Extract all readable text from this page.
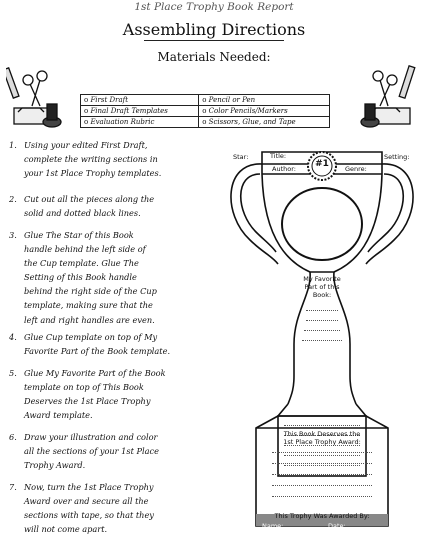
1st Place Trophy Book Report
Assembling Directions
Materials Needed:
o First Draft	o Pencil or Pen
o Final Draft Templates	o Color Pencils/Markers
o Evaluation Rubric	o Scissors, Glue, and Tape
1. Using your edited First Draft,
complete the writing sections in
your 1st Place Trophy templates.
2. Cut out all the pieces along the
solid and dotted black lines.
3. Glue The Star of this Book
handle behind the left side of
the Cup template. Glue The
Setting of this Book handle
behind the right side of the Cup
template, making sure that the
left and right handles are even.
4. Glue Cup template on top of My
Favorite Part of the Book template.
5. Glue My Favorite Part of the Book
template on top of This Book
Deserves the 1st Place Trophy
Award template.
6. Draw your illustration and color
all the sections of your 1st Place
Trophy Award.
7. Now, turn the 1st Place Trophy
Award over and secure all the
sections with tape, so that they
will not come apart.
Star:	Title:	Setting:
Author:	Genre:
#1
My Favorite
Part of this
Book:
This Book Deserves the
1st Place Trophy Award:
This Trophy Was Awarded By:
Name:	Date:
